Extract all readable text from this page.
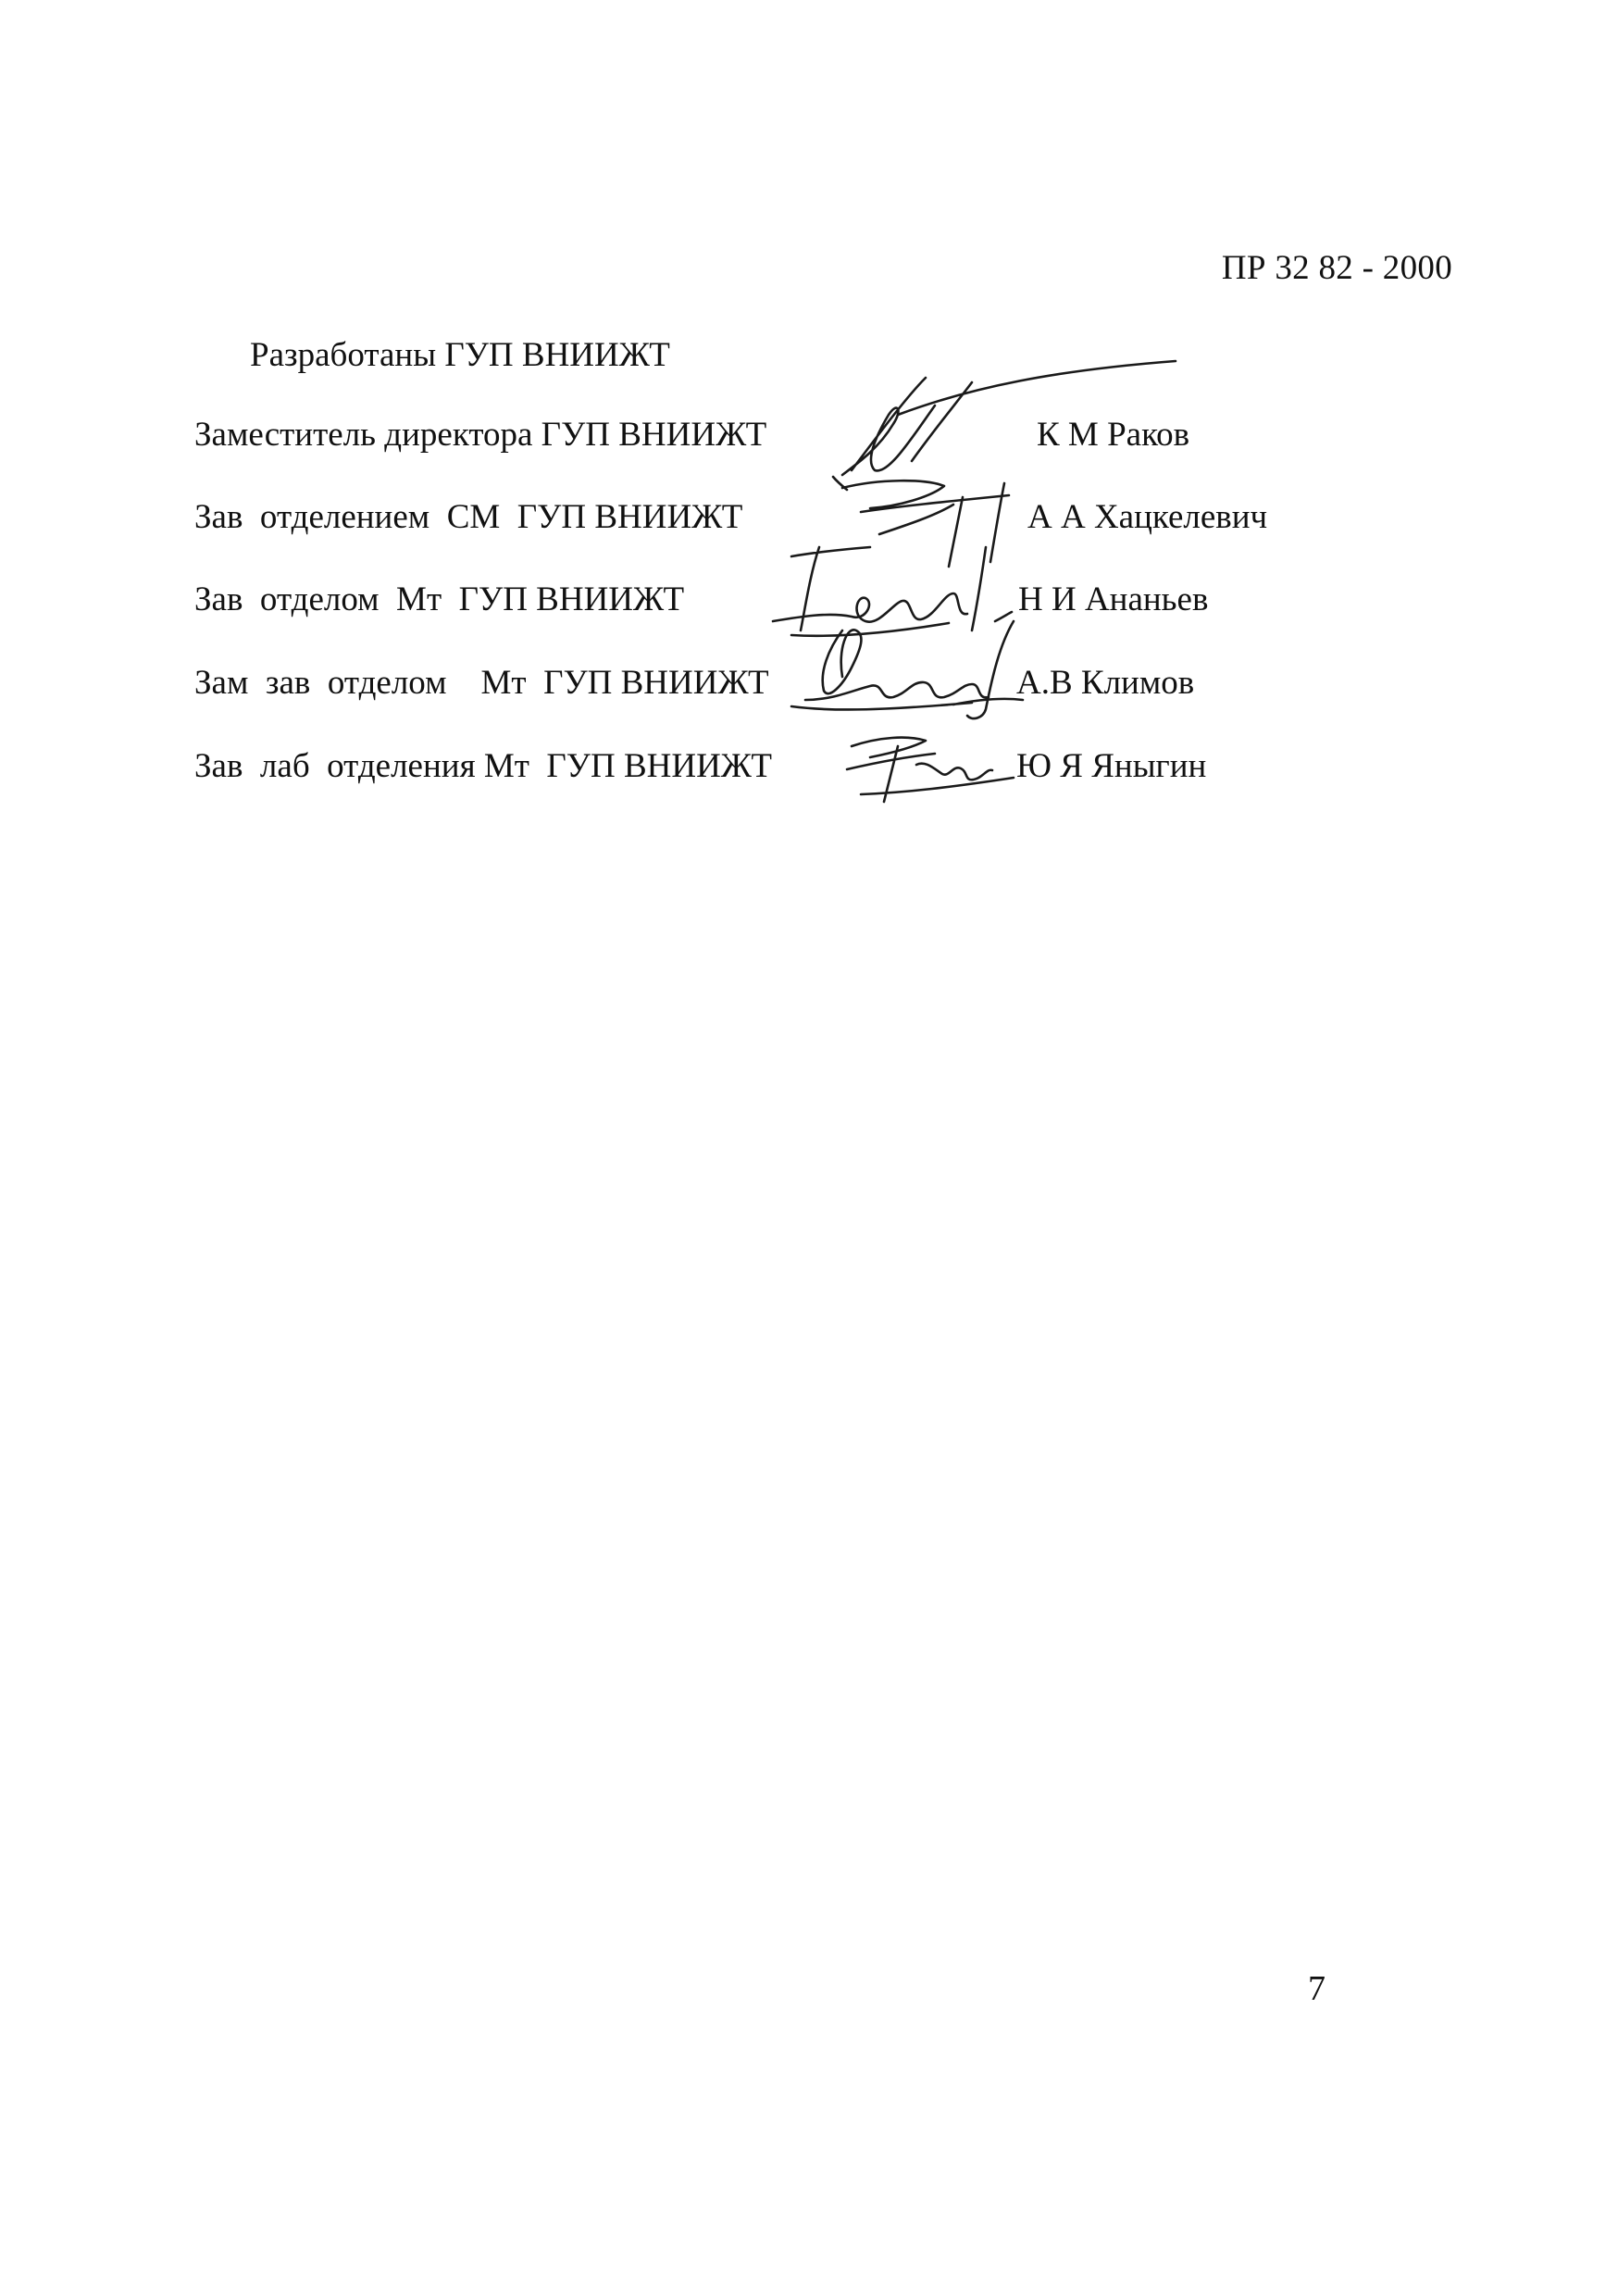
ПР 32 82 - 2000
Разработаны ГУП ВНИИЖТ
Заместитель директора ГУП ВНИИЖТ	К М Раков
Зав  отделением  СМ  ГУП ВНИИЖТ	А А Хацкелевич
Зав  отделом  Мт  ГУП ВНИИЖТ	Н И Ананьев
Зам  зав  отделом    Мт  ГУП ВНИИЖТ	А.В Климов
Зав  лаб  отделения Мт  ГУП ВНИИЖТ	Ю Я Яныгин
7
